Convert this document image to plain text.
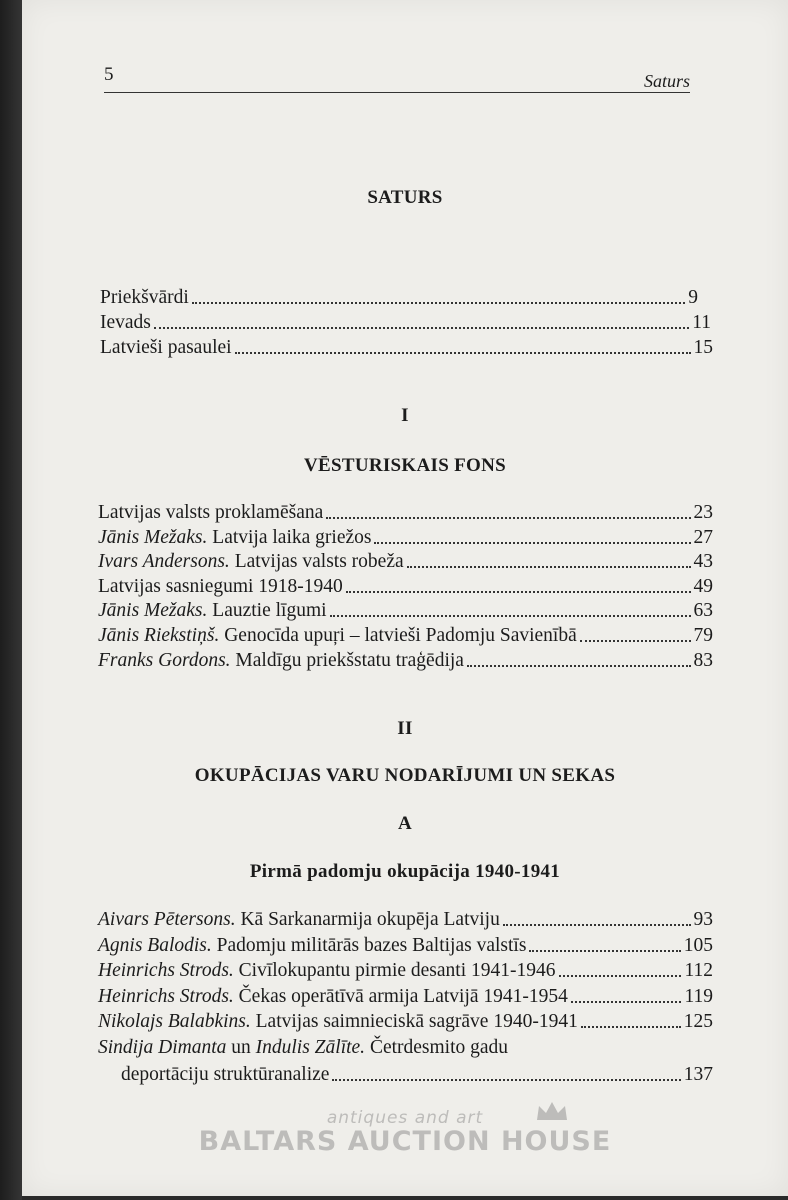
5	Saturs
SATURS
Priekšvārdi	9
Ievads	11
Latvieši pasaulei	15
I
VĒSTURISKAIS FONS
Latvijas valsts proklamēšana	23
Jānis Mežaks. Latvija laika griežos	27
Ivars Andersons. Latvijas valsts robeža	43
Latvijas sasniegumi 1918-1940	49
Jānis Mežaks. Lauztie līgumi	63
Jānis Riekstiņš. Genocīda upuŗi – latvieši Padomju Savienībā	79
Franks Gordons. Maldīgu priekšstatu traģēdija	83
II
OKUPĀCIJAS VARU NODARĪJUMI UN SEKAS
A
Pirmā padomju okupācija 1940-1941
Aivars Pētersons. Kā Sarkanarmija okupēja Latviju	93
Agnis Balodis. Padomju militārās bazes Baltijas valstīs	105
Heinrichs Strods. Civīlokupantu pirmie desanti 1941-1946	112
Heinrichs Strods. Čekas operātīvā armija Latvijā 1941-1954	119
Nikolajs Balabkins. Latvijas saimnieciskā sagrāve 1940-1941	125
Sindija Dimanta un Indulis Zālīte. Četrdesmito gadu
deportāciju struktūranalize	137
antiques and art
BALTARS AUCTION HOUSE
